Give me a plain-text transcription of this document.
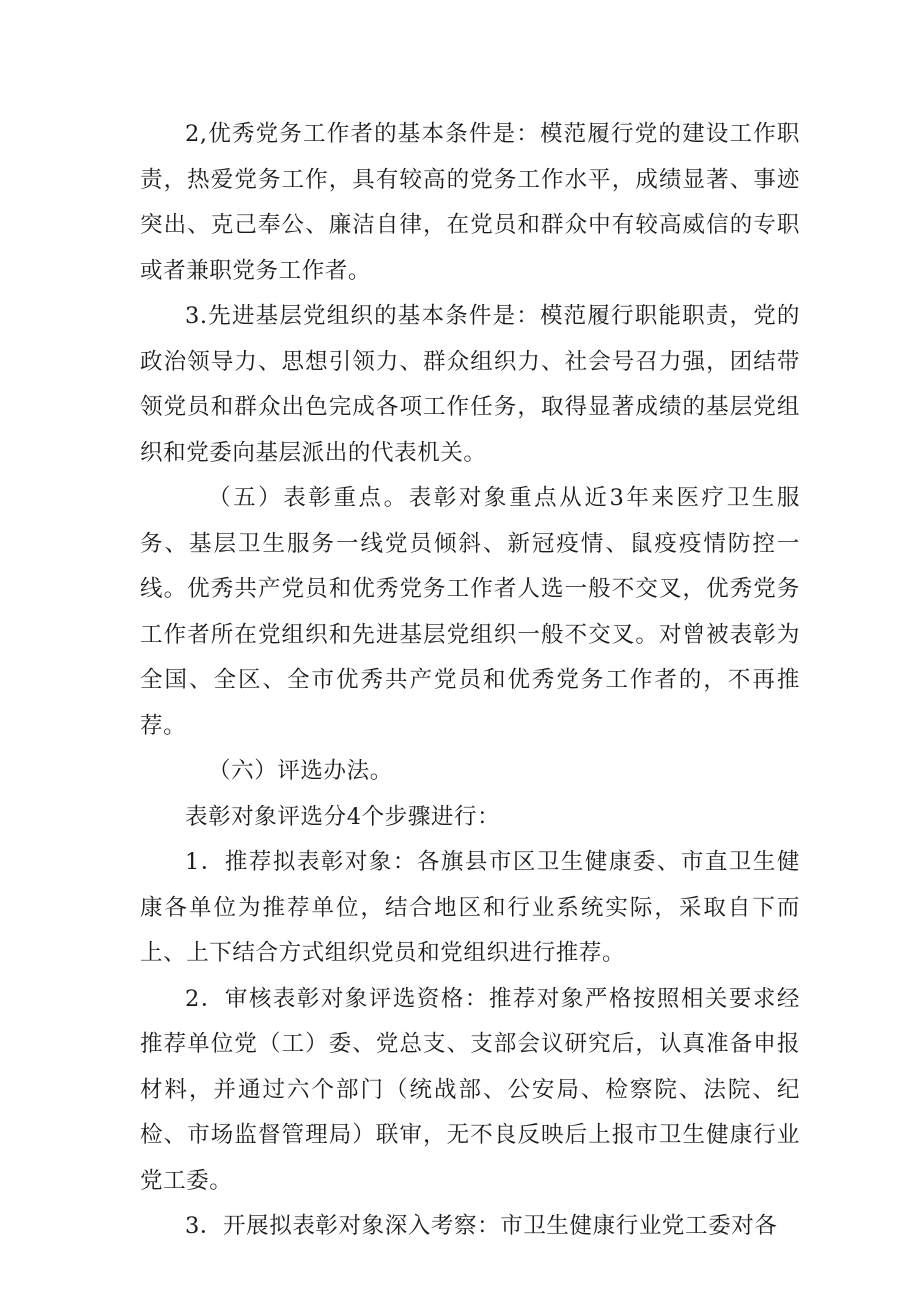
2,优秀党务工作者的基本条件是：模范履行党的建设工作职责，热爱党务工作，具有较高的党务工作水平，成绩显著、事迹突出、克己奉公、廉洁自律，在党员和群众中有较高威信的专职或者兼职党务工作者。

3.先进基层党组织的基本条件是：模范履行职能职责，党的政治领导力、思想引领力、群众组织力、社会号召力强，团结带领党员和群众出色完成各项工作任务，取得显著成绩的基层党组织和党委向基层派出的代表机关。

（五）表彰重点。表彰对象重点从近3年来医疗卫生服务、基层卫生服务一线党员倾斜、新冠疫情、鼠疫疫情防控一线。优秀共产党员和优秀党务工作者人选一般不交叉，优秀党务工作者所在党组织和先进基层党组织一般不交叉。对曾被表彰为全国、全区、全市优秀共产党员和优秀党务工作者的，不再推荐。

（六）评选办法。

表彰对象评选分4个步骤进行：

1．推荐拟表彰对象：各旗县市区卫生健康委、市直卫生健康各单位为推荐单位，结合地区和行业系统实际，采取自下而上、上下结合方式组织党员和党组织进行推荐。

2．审核表彰对象评选资格：推荐对象严格按照相关要求经推荐单位党（工）委、党总支、支部会议研究后，认真准备申报材料，并通过六个部门（统战部、公安局、检察院、法院、纪检、市场监督管理局）联审，无不良反映后上报市卫生健康行业党工委。

3．开展拟表彰对象深入考察：市卫生健康行业党工委对各
